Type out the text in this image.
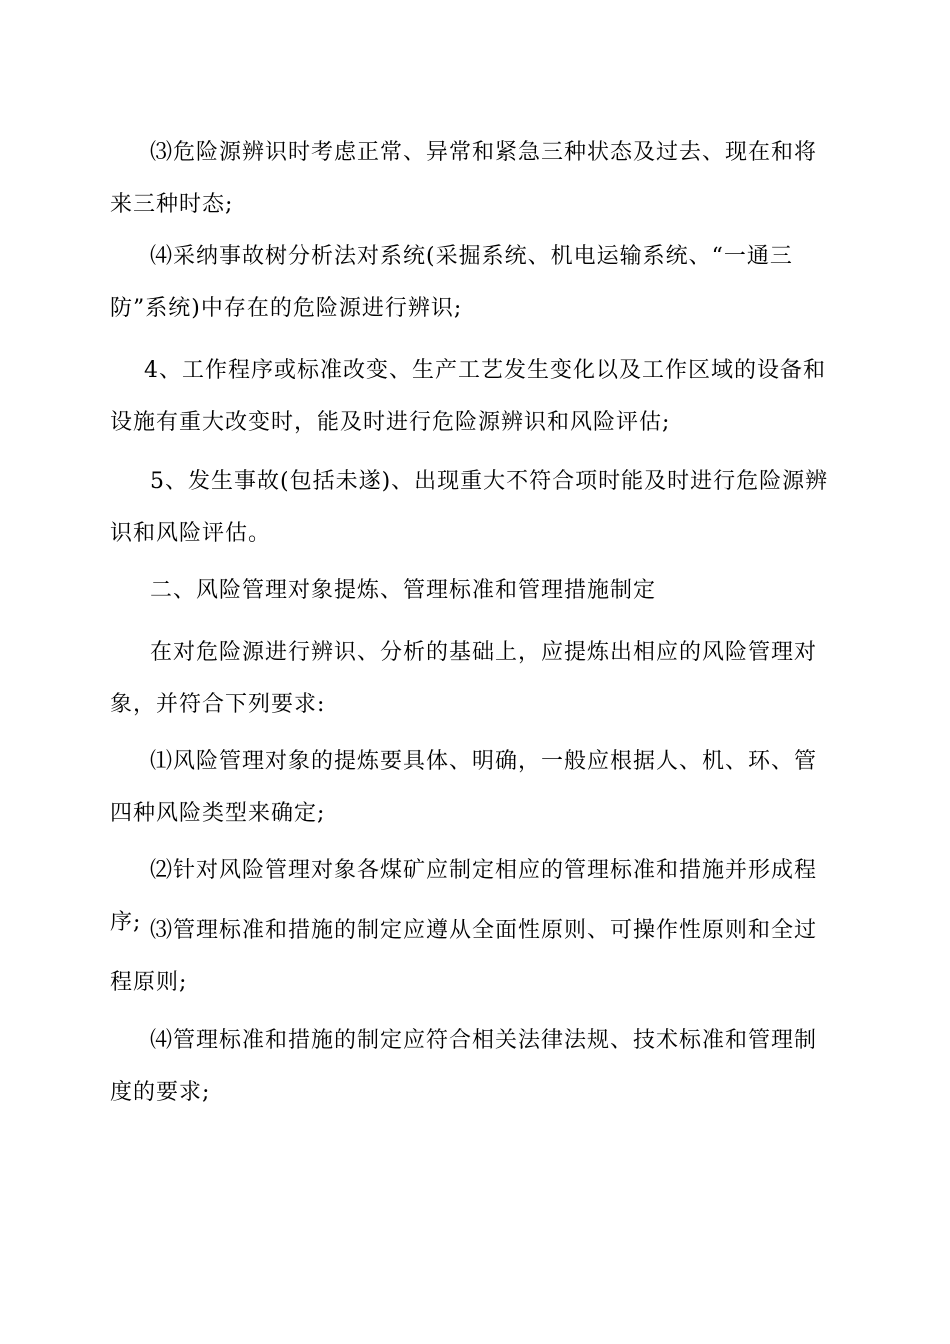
⑶危险源辨识时考虑正常、异常和紧急三种状态及过去、现在和将来三种时态;

⑷采纳事故树分析法对系统(采掘系统、机电运输系统、“一通三防”系统)中存在的危险源进行辨识;

4、工作程序或标准改变、生产工艺发生变化以及工作区域的设备和设施有重大改变时，能及时进行危险源辨识和风险评估;

5、发生事故(包括未遂)、出现重大不符合项时能及时进行危险源辨识和风险评估。

二、风险管理对象提炼、管理标准和管理措施制定

在对危险源进行辨识、分析的基础上，应提炼出相应的风险管理对象，并符合下列要求:

⑴风险管理对象的提炼要具体、明确，一般应根据人、机、环、管四种风险类型来确定;

⑵针对风险管理对象各煤矿应制定相应的管理标准和措施并形成程序; ⑶管理标准和措施的制定应遵从全面性原则、可操作性原则和全过程原则;

⑷管理标准和措施的制定应符合相关法律法规、技术标准和管理制度的要求;
